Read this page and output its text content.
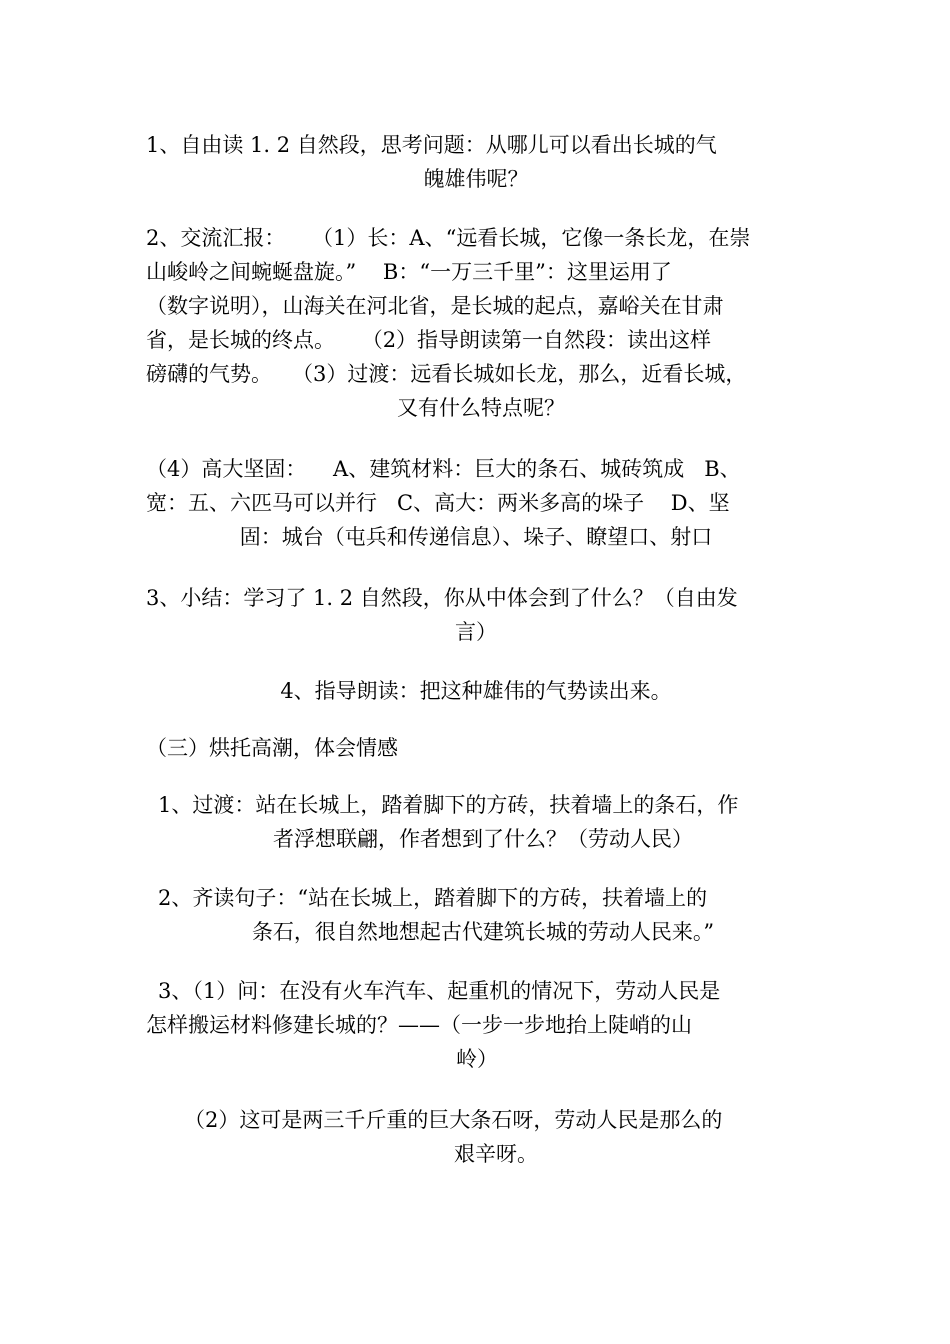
1、自由读 1. 2 自然段，思考问题：从哪儿可以看出长城的气
魄雄伟呢？
2、交流汇报：    （1）长：A、“远看长城，它像一条长龙，在崇
山峻岭之间蜿蜒盘旋。”    B：“一万三千里”：这里运用了
（数字说明），山海关在河北省，是长城的起点，嘉峪关在甘肃
省，是长城的终点。    （2）指导朗读第一自然段：读出这样
磅礴的气势。   （3）过渡：远看长城如长龙，那么，近看长城，
又有什么特点呢？
（4）高大坚固：    A、建筑材料：巨大的条石、城砖筑成   B、
宽：五、六匹马可以并行   C、高大：两米多高的垛子    D、坚
固：城台（屯兵和传递信息）、垛子、瞭望口、射口
3、小结：学习了 1. 2 自然段，你从中体会到了什么？（自由发
言）
4、指导朗读：把这种雄伟的气势读出来。
（三）烘托高潮，体会情感
1、过渡：站在长城上，踏着脚下的方砖，扶着墙上的条石，作
者浮想联翩，作者想到了什么？（劳动人民）
2、齐读句子：“站在长城上，踏着脚下的方砖，扶着墙上的
条石，很自然地想起古代建筑长城的劳动人民来。”
3、（1）问：在没有火车汽车、起重机的情况下，劳动人民是
怎样搬运材料修建长城的？——（一步一步地抬上陡峭的山
岭）
（2）这可是两三千斤重的巨大条石呀，劳动人民是那么的
艰辛呀。
